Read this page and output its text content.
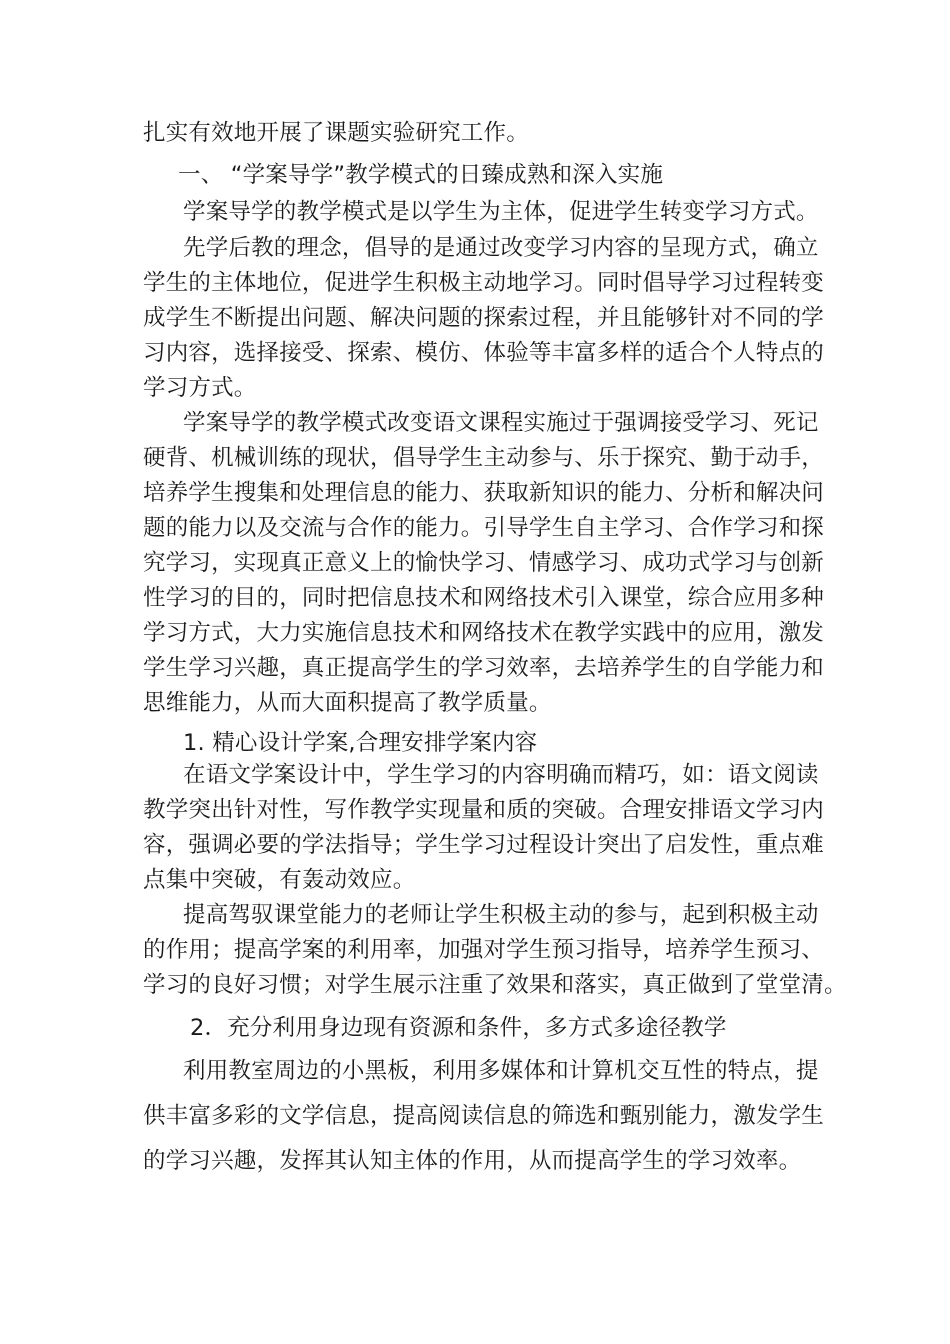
扎实有效地开展了课题实验研究工作。
一、 “学案导学”教学模式的日臻成熟和深入实施
学案导学的教学模式是以学生为主体，促进学生转变学习方式。
先学后教的理念，倡导的是通过改变学习内容的呈现方式，确立
学生的主体地位，促进学生积极主动地学习。同时倡导学习过程转变
成学生不断提出问题、解决问题的探索过程，并且能够针对不同的学
习内容，选择接受、探索、模仿、体验等丰富多样的适合个人特点的
学习方式。
学案导学的教学模式改变语文课程实施过于强调接受学习、死记
硬背、机械训练的现状，倡导学生主动参与、乐于探究、勤于动手，
培养学生搜集和处理信息的能力、获取新知识的能力、分析和解决问
题的能力以及交流与合作的能力。引导学生自主学习、合作学习和探
究学习，实现真正意义上的愉快学习、情感学习、成功式学习与创新
性学习的目的，同时把信息技术和网络技术引入课堂，综合应用多种
学习方式，大力实施信息技术和网络技术在教学实践中的应用，激发
学生学习兴趣，真正提高学生的学习效率，去培养学生的自学能力和
思维能力，从而大面积提高了教学质量。
1. 精心设计学案,合理安排学案内容
在语文学案设计中，学生学习的内容明确而精巧，如：语文阅读
教学突出针对性，写作教学实现量和质的突破。合理安排语文学习内
容，强调必要的学法指导；学生学习过程设计突出了启发性，重点难
点集中突破，有轰动效应。
提高驾驭课堂能力的老师让学生积极主动的参与，起到积极主动
的作用；提高学案的利用率，加强对学生预习指导，培养学生预习、
学习的良好习惯；对学生展示注重了效果和落实，真正做到了堂堂清。
2．充分利用身边现有资源和条件，多方式多途径教学
利用教室周边的小黑板，利用多媒体和计算机交互性的特点，提
供丰富多彩的文学信息，提高阅读信息的筛选和甄别能力，激发学生
的学习兴趣，发挥其认知主体的作用，从而提高学生的学习效率。
